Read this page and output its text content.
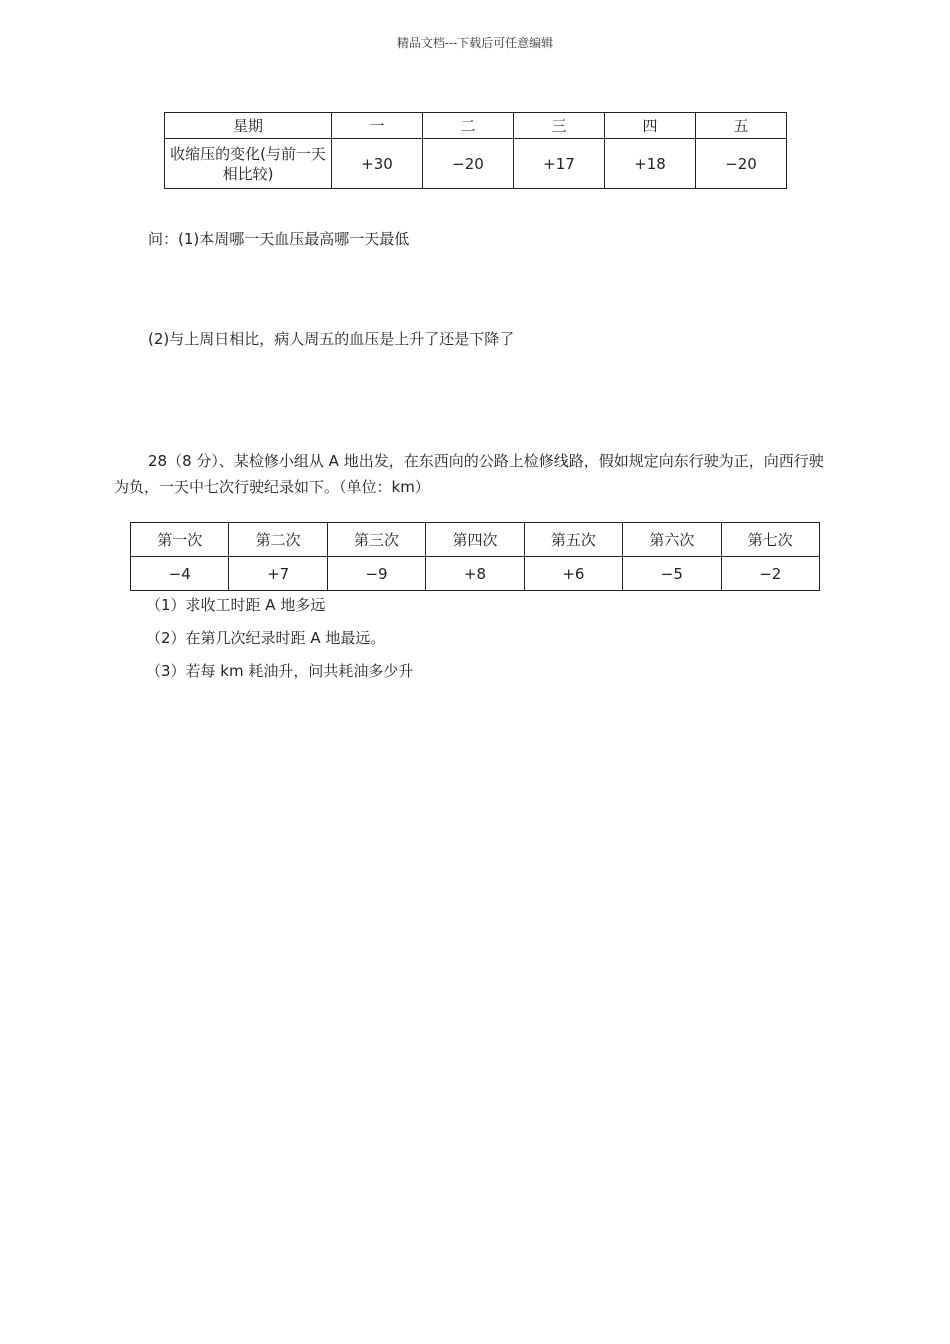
精品文档---下载后可任意编辑
星期	一	二	三	四	五
收缩压的变化(与前一天相比较)	+30	−20	+17	+18	−20
问：(1)本周哪一天血压最高哪一天最低
(2)与上周日相比，病人周五的血压是上升了还是下降了
28（8 分）、某检修小组从 A 地出发，在东西向的公路上检修线路，假如规定向东行驶为正，向西行驶为负，一天中七次行驶纪录如下。（单位：km）
第一次	第二次	第三次	第四次	第五次	第六次	第七次
−4	+7	−9	+8	+6	−5	−2
（1）求收工时距 A 地多远
（2）在第几次纪录时距 A 地最远。
（3）若每 km 耗油升，问共耗油多少升
